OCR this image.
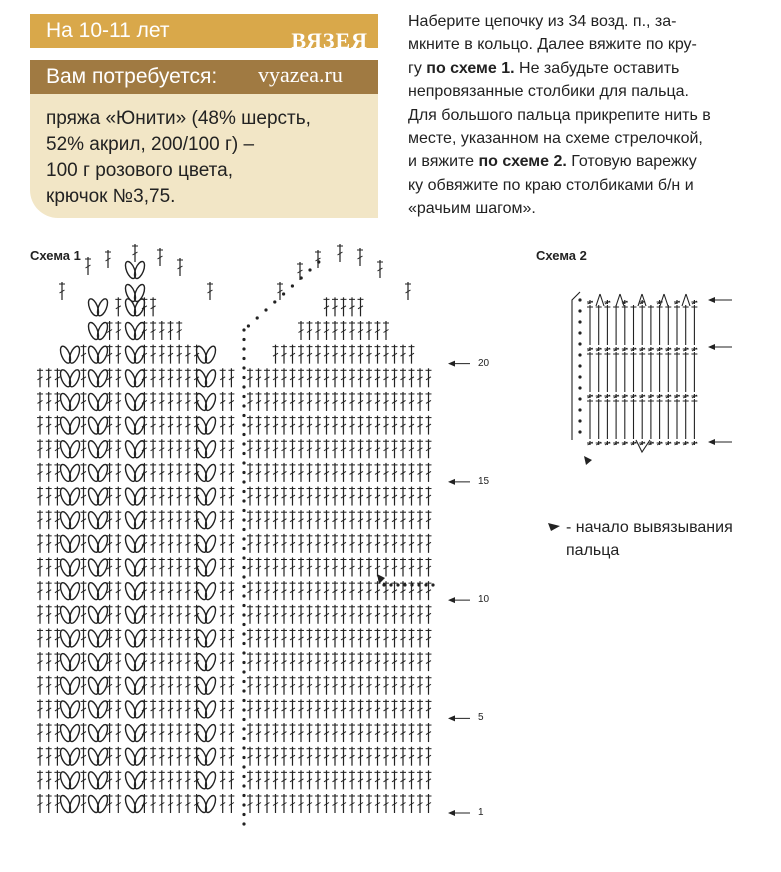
На 10-11 лет	ВЯЗЕЯ
Вам потребуется: vyazea.ru
пряжа «Юнити» (48% шерсть,
52% акрил, 200/100 г) –
100 г розового цвета,
крючок №3,75.

Наберите цепочку из 34 возд. п., за-

мкните в кольцо. Далее вяжите по кру-

гу по схеме 1. Не забудьте оставить

непровязанные столбики для пальца.

Для большого пальца прикрепите нить в

месте, указанном на схеме стрелочкой,

и вяжите по схеме 2. Готовую варежку

ку обвяжите по краю столбиками б/н и

«рачьим шагом».

Схема 1	Схема 2
20
15
10
5
1
- начало вывязывания пальца
